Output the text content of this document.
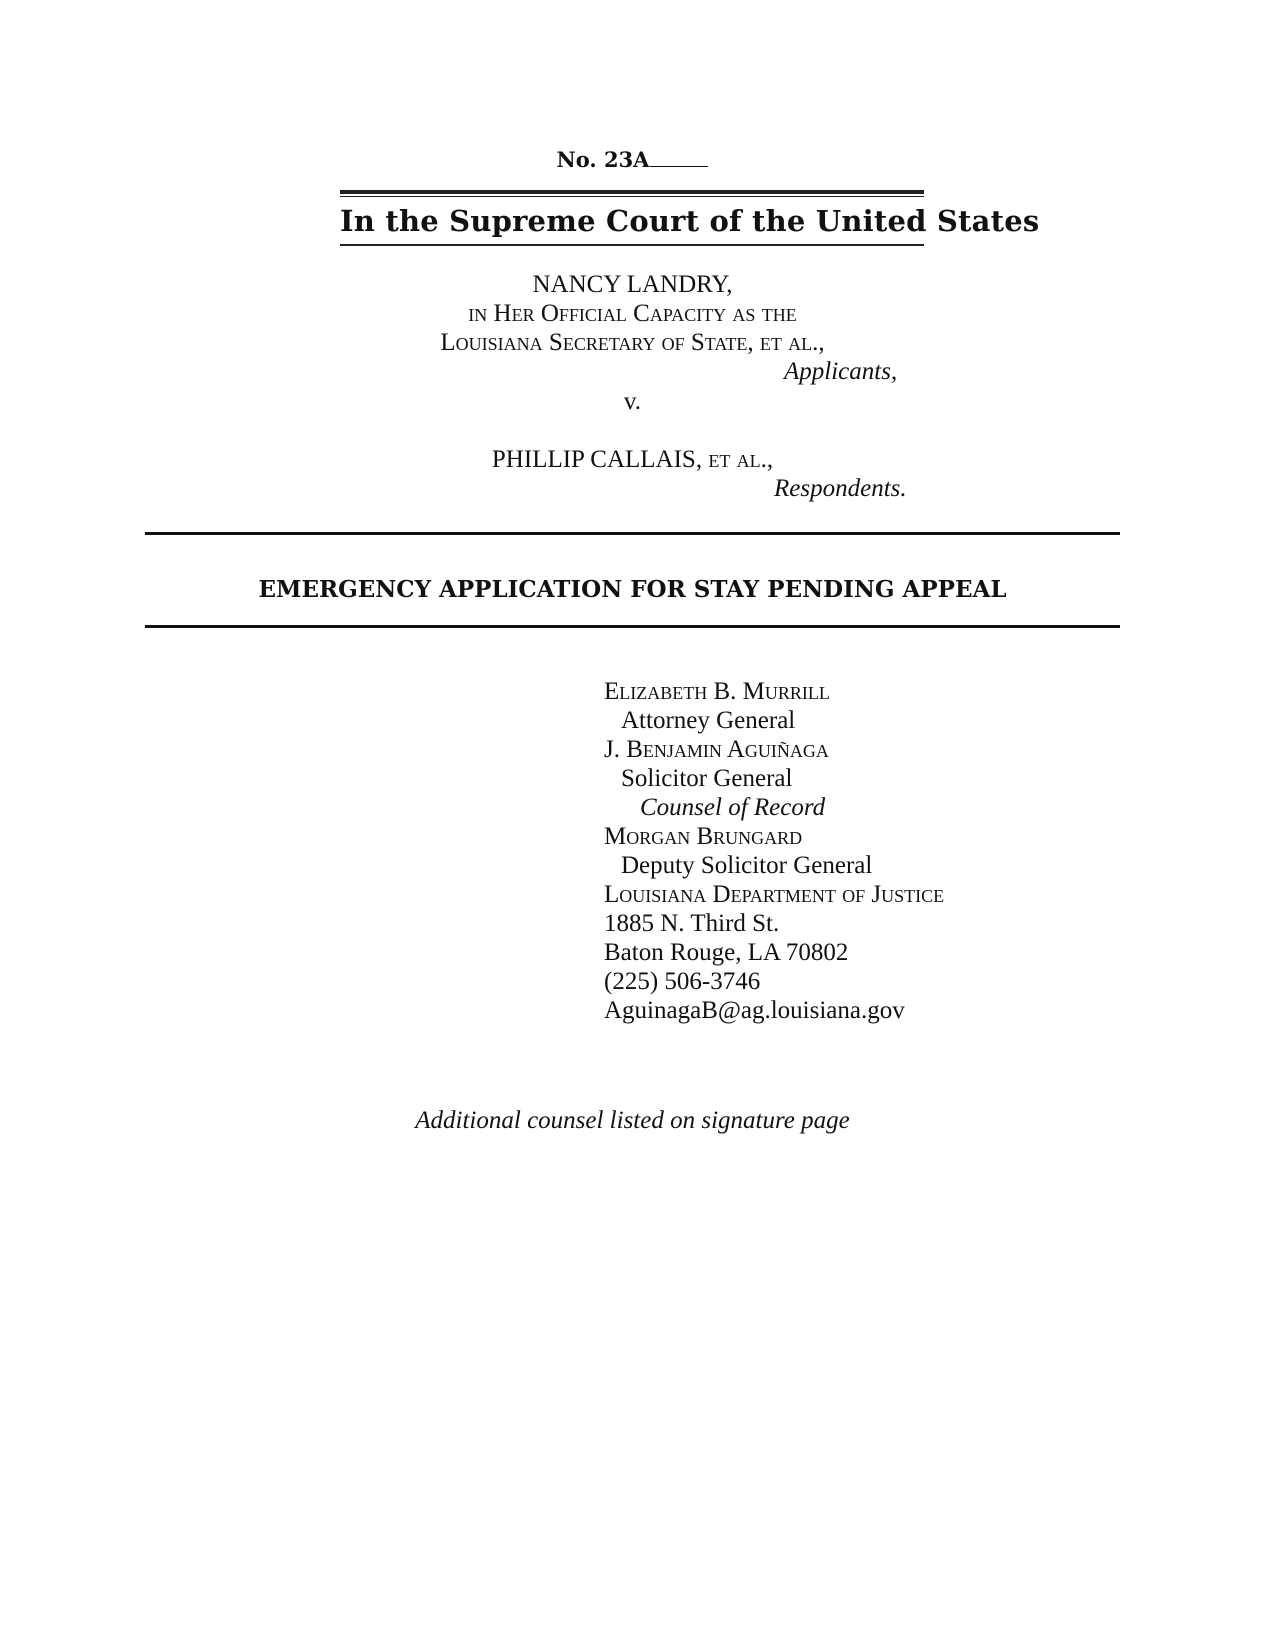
No. 23A
In the Supreme Court of the United States
NANCY LANDRY,
in Her Official Capacity as the
Louisiana Secretary of State, et al.,
Applicants,
v.
PHILLIP CALLAIS, et al.,
Respondents.
EMERGENCY APPLICATION FOR STAY PENDING APPEAL
Elizabeth B. Murrill
Attorney General
J. Benjamin Aguiñaga
Solicitor General
Counsel of Record
Morgan Brungard
Deputy Solicitor General
Louisiana Department of Justice
1885 N. Third St.
Baton Rouge, LA 70802
(225) 506-3746
AguinagaB@ag.louisiana.gov
Additional counsel listed on signature page
